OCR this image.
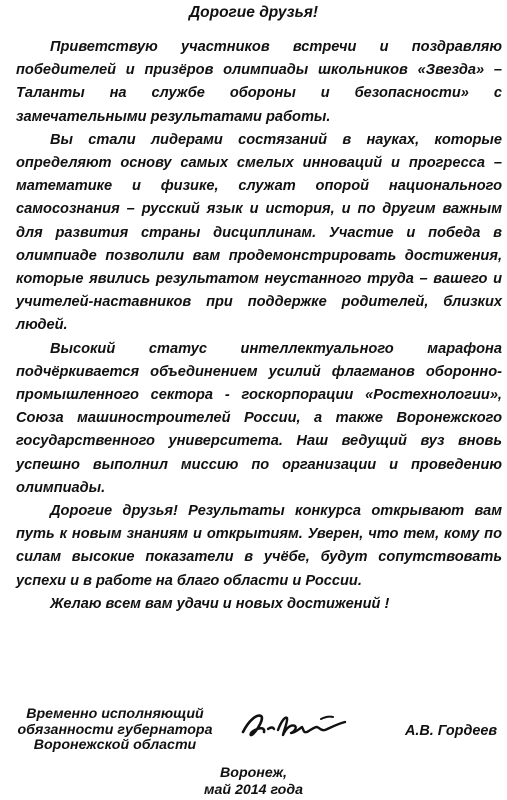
Дорогие друзья!

Приветствую участников встречи и поздравляю победителей и призёров олимпиады школьников «Звезда» – Таланты на службе обороны и безопасности» с замечательными результатами работы.

Вы стали лидерами состязаний в науках, которые определяют основу самых смелых инноваций и прогресса – математике и физике, служат опорой национального самосознания – русский язык и история, и по другим важным для развития страны дисциплинам. Участие и победа в олимпиаде позволили вам продемонстрировать достижения, которые явились результатом неустанного труда – вашего и учителей-наставников при поддержке родителей, близких людей.

Высокий статус интеллектуального марафона подчёркивается объединением усилий флагманов оборонно-промышленного сектора - госкорпорации «Ростехнологии», Союза машиностроителей России, а также Воронежского государственного университета. Наш ведущий вуз вновь успешно выполнил миссию по организации и проведению олимпиады.

Дорогие друзья! Результаты конкурса открывают вам путь к новым знаниям и открытиям. Уверен, что тем, кому по силам высокие показатели в учёбе, будут сопутствовать успехи и в работе на благо области и России.

Желаю всем вам удачи и новых достижений !

Временно исполняющий
обязанности губернатора
Воронежской области
А.В. Гордеев
Воронеж,
май 2014 года
